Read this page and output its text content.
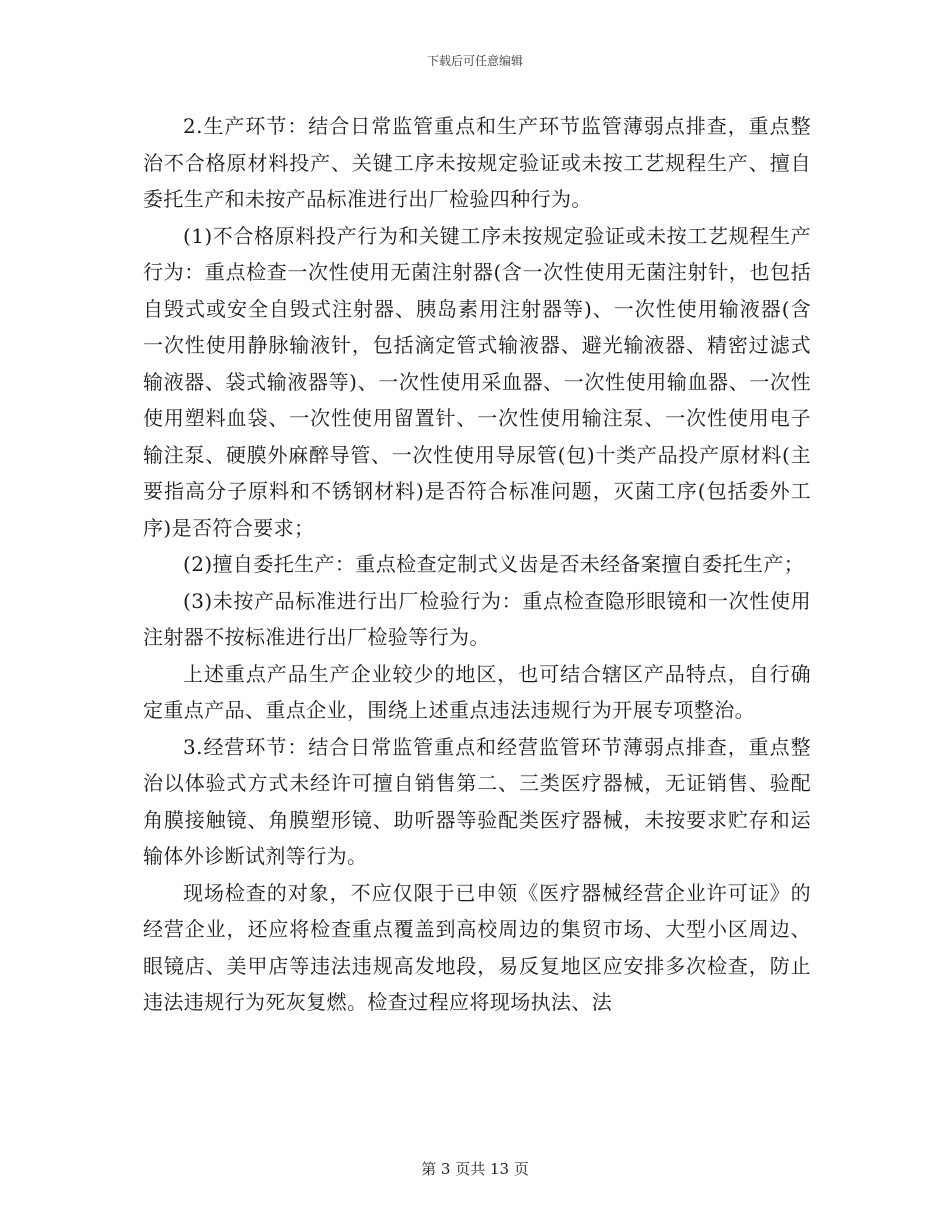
下载后可任意编辑

2.生产环节：结合日常监管重点和生产环节监管薄弱点排查，重点整治不合格原材料投产、关键工序未按规定验证或未按工艺规程生产、擅自委托生产和未按产品标准进行出厂检验四种行为。

(1)不合格原料投产行为和关键工序未按规定验证或未按工艺规程生产行为：重点检查一次性使用无菌注射器(含一次性使用无菌注射针，也包括自毁式或安全自毁式注射器、胰岛素用注射器等)、一次性使用输液器(含一次性使用静脉输液针，包括滴定管式输液器、避光输液器、精密过滤式输液器、袋式输液器等)、一次性使用采血器、一次性使用输血器、一次性使用塑料血袋、一次性使用留置针、一次性使用输注泵、一次性使用电子输注泵、硬膜外麻醉导管、一次性使用导尿管(包)十类产品投产原材料(主要指高分子原料和不锈钢材料)是否符合标准问题，灭菌工序(包括委外工序)是否符合要求；

(2)擅自委托生产：重点检查定制式义齿是否未经备案擅自委托生产；

(3)未按产品标准进行出厂检验行为：重点检查隐形眼镜和一次性使用注射器不按标准进行出厂检验等行为。

上述重点产品生产企业较少的地区，也可结合辖区产品特点，自行确定重点产品、重点企业，围绕上述重点违法违规行为开展专项整治。

3.经营环节：结合日常监管重点和经营监管环节薄弱点排查，重点整治以体验式方式未经许可擅自销售第二、三类医疗器械，无证销售、验配角膜接触镜、角膜塑形镜、助听器等验配类医疗器械，未按要求贮存和运输体外诊断试剂等行为。

现场检查的对象，不应仅限于已申领《医疗器械经营企业许可证》的经营企业，还应将检查重点覆盖到高校周边的集贸市场、大型小区周边、眼镜店、美甲店等违法违规高发地段，易反复地区应安排多次检查，防止违法违规行为死灰复燃。检查过程应将现场执法、法

第 3 页共 13 页
